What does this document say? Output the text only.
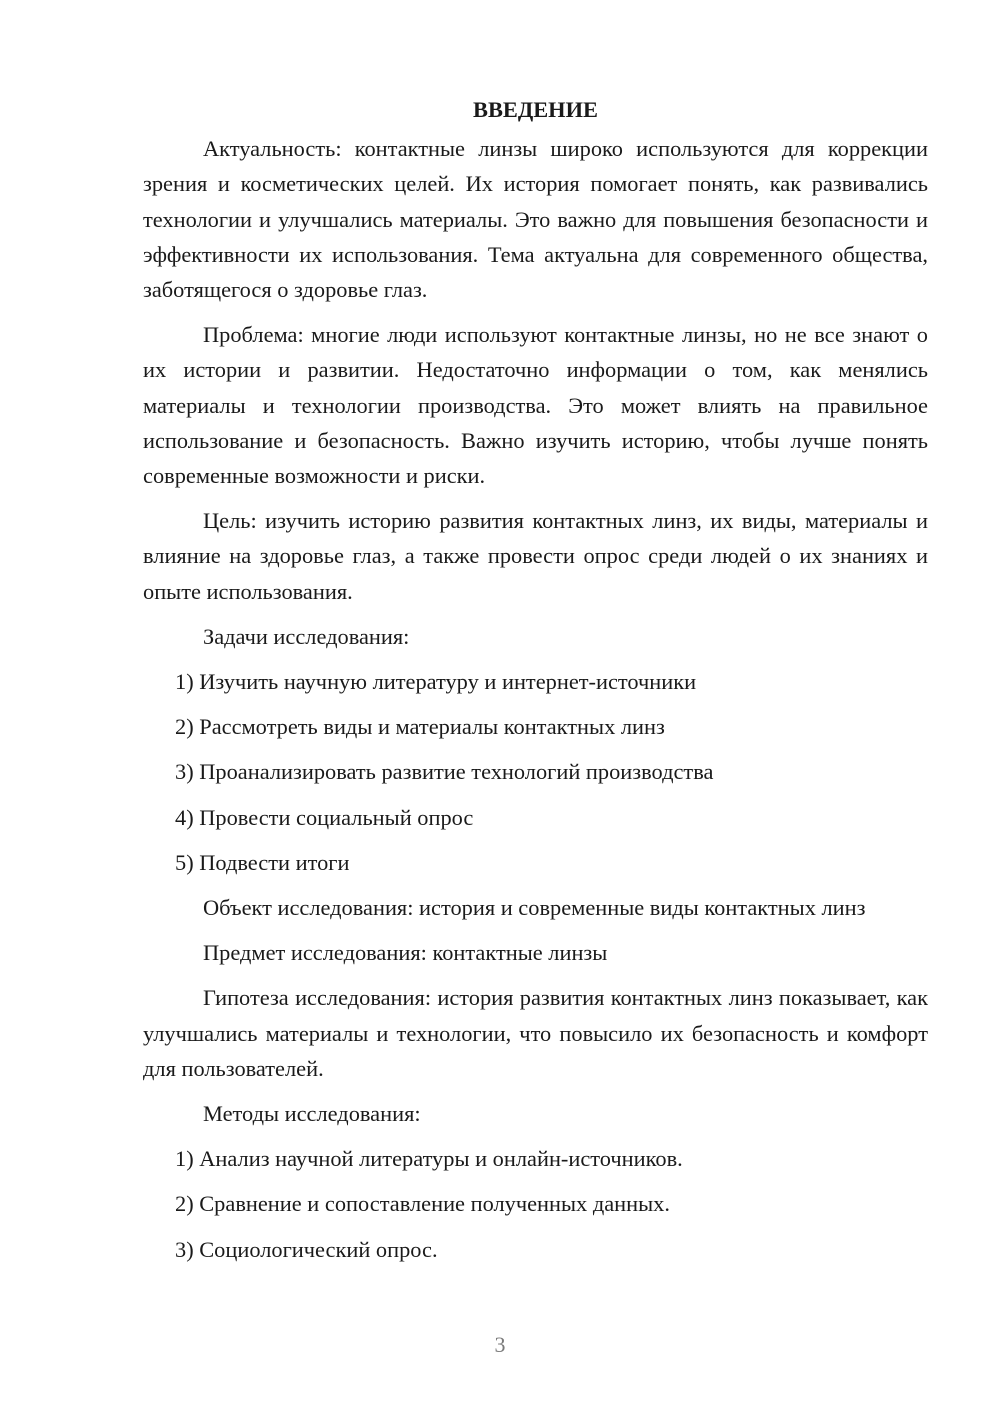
ВВЕДЕНИЕ

Актуальность: контактные линзы широко используются для коррекции зрения и косметических целей. Их история помогает понять, как развивались технологии и улучшались материалы. Это важно для повышения безопасности и эффективности их использования. Тема актуальна для современного общества, заботящегося о здоровье глаз.

Проблема: многие люди используют контактные линзы, но не все знают о их истории и развитии. Недостаточно информации о том, как менялись материалы и технологии производства. Это может влиять на правильное использование и безопасность. Важно изучить историю, чтобы лучше понять современные возможности и риски.

Цель: изучить историю развития контактных линз, их виды, материалы и влияние на здоровье глаз, а также провести опрос среди людей о их знаниях и опыте использования.

Задачи исследования:

1) Изучить научную литературу и интернет-источники

2) Рассмотреть виды и материалы контактных линз

3) Проанализировать развитие технологий производства

4) Провести социальный опрос

5) Подвести итоги

Объект исследования: история и современные виды контактных линз

Предмет исследования: контактные линзы

Гипотеза исследования: история развития контактных линз показывает, как улучшались материалы и технологии, что повысило их безопасность и комфорт для пользователей.

Методы исследования:

1) Анализ научной литературы и онлайн-источников.

2) Сравнение и сопоставление полученных данных.

3) Социологический опрос.

3
